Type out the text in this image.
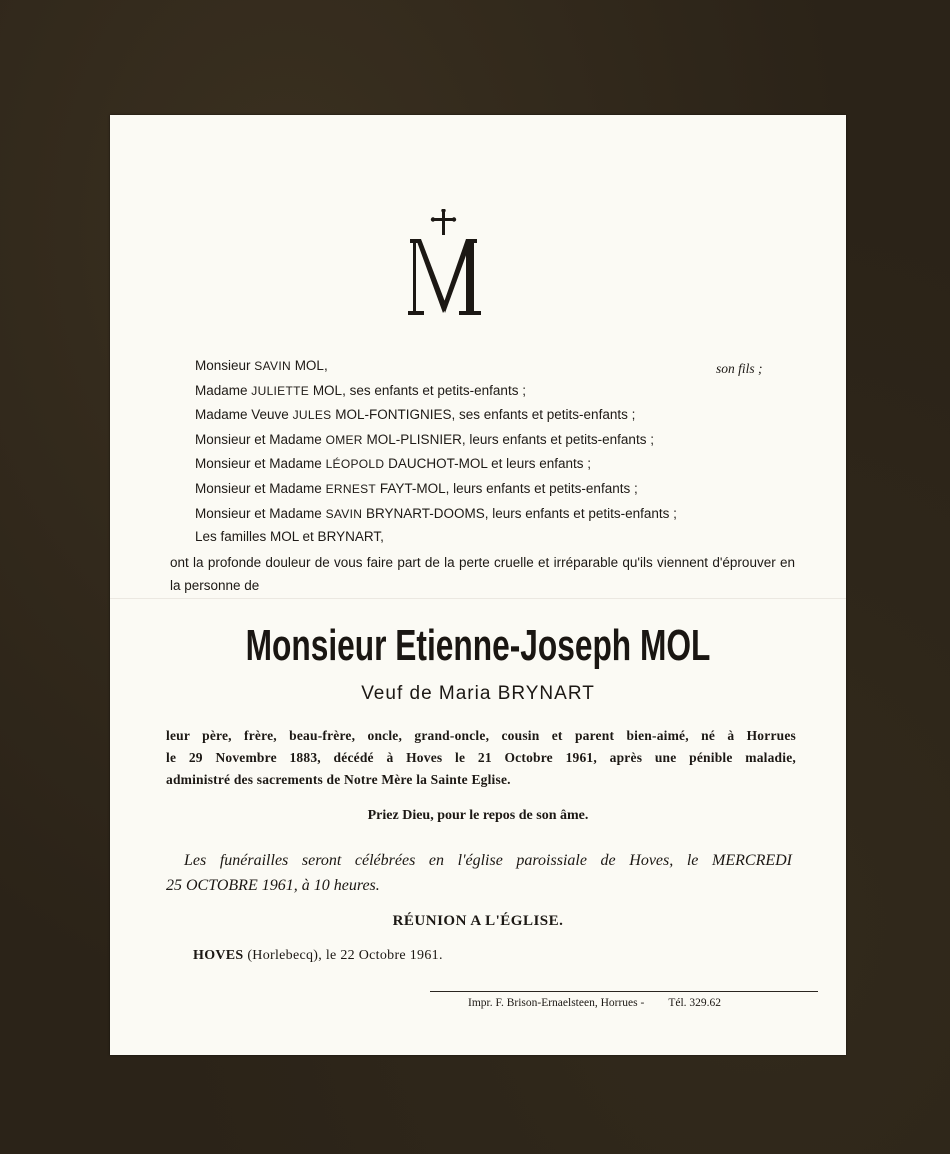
Monsieur SAVIN MOL,	son fils ;
Madame JULIETTE MOL, ses enfants et petits-enfants ;
Madame Veuve JULES MOL-FONTIGNIES, ses enfants et petits-enfants ;
Monsieur et Madame OMER MOL-PLISNIER, leurs enfants et petits-enfants ;
Monsieur et Madame LÉOPOLD DAUCHOT-MOL et leurs enfants ;
Monsieur et Madame ERNEST FAYT-MOL, leurs enfants et petits-enfants ;
Monsieur et Madame SAVIN BRYNART-DOOMS, leurs enfants et petits-enfants ;
Les familles MOL et BRYNART,
ont la profonde douleur de vous faire part de la perte cruelle et irréparable qu'ils viennent d'éprouver en la personne de
Monsieur Etienne-Joseph MOL
Veuf de Maria BRYNART
leur père, frère, beau-frère, oncle, grand-oncle, cousin et parent bien-aimé, né à Horrues
le 29 Novembre 1883, décédé à Hoves le 21 Octobre 1961, après une pénible maladie,
administré des sacrements de Notre Mère la Sainte Eglise.
Priez Dieu, pour le repos de son âme.
Les funérailles seront célébrées en l'église paroissiale de Hoves, le MERCREDI
25 OCTOBRE 1961, à 10 heures.
RÉUNION A L'ÉGLISE.
HOVES (Horlebecq), le 22 Octobre 1961.
Impr. F. Brison-Ernaelsteen, Horrues - Tél. 329.62
